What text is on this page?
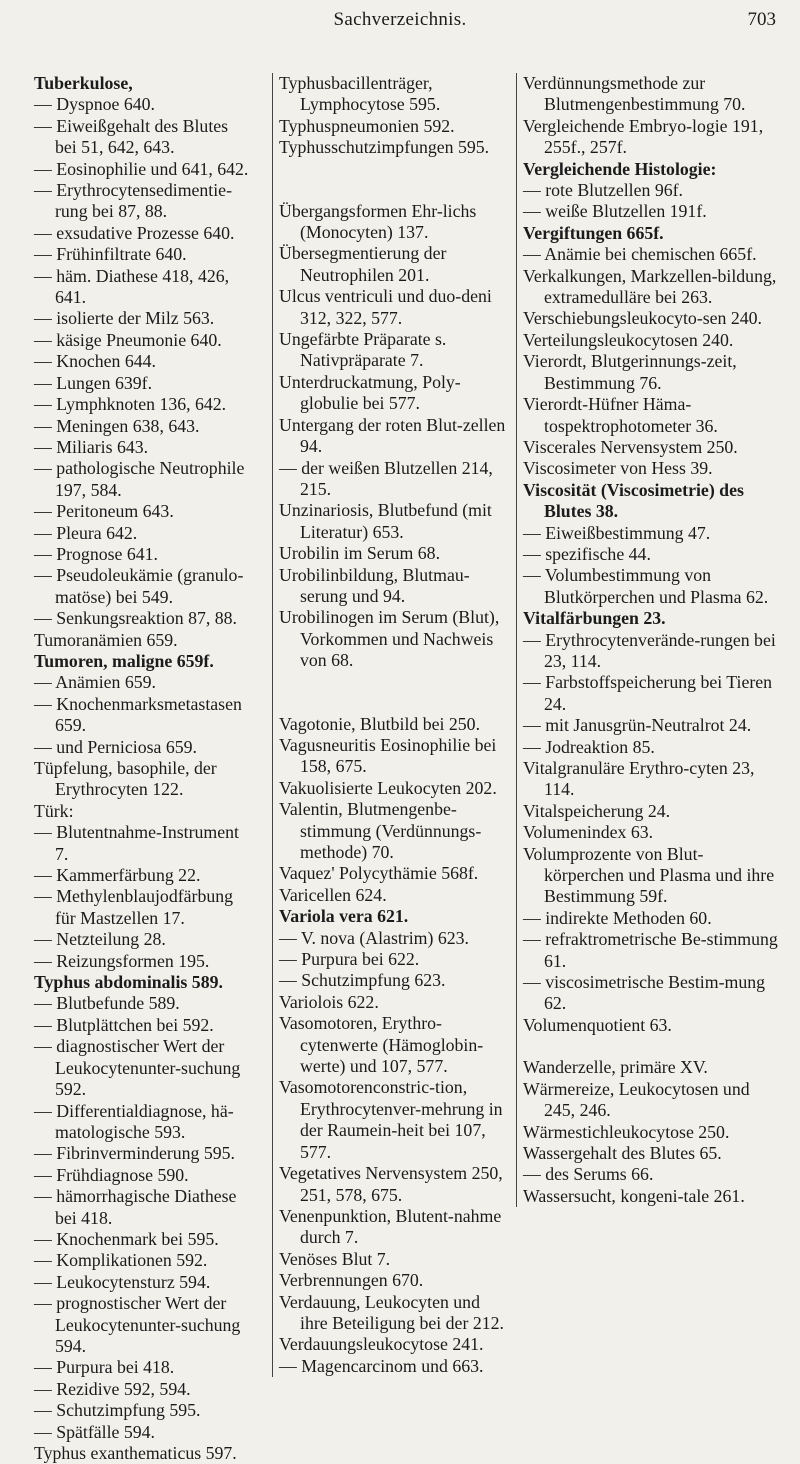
Sachverzeichnis.	703
Tuberkulose,
— Dyspnoe 640.
— Eiweißgehalt des Blutes bei 51, 642, 643.
— Eosinophilie und 641, 642.
— Erythrocytensedimentie-rung bei 87, 88.
— exsudative Prozesse 640.
— Frühinfiltrate 640.
— häm. Diathese 418, 426, 641.
— isolierte der Milz 563.
— käsige Pneumonie 640.
— Knochen 644.
— Lungen 639f.
— Lymphknoten 136, 642.
— Meningen 638, 643.
— Miliaris 643.
— pathologische Neutrophile 197, 584.
— Peritoneum 643.
— Pleura 642.
— Prognose 641.
— Pseudoleukämie (granulo-matöse) bei 549.
— Senkungsreaktion 87, 88.
Tumoranämien 659.
Tumoren, maligne 659f.
— Anämien 659.
— Knochenmarksmetastasen 659.
— und Perniciosa 659.
Tüpfelung, basophile, der Erythrocyten 122.
Türk:
— Blutentnahme-Instrument 7.
— Kammerfärbung 22.
— Methylenblaujodfärbung für Mastzellen 17.
— Netzteilung 28.
— Reizungsformen 195.
Typhus abdominalis 589.
— Blutbefunde 589.
— Blutplättchen bei 592.
— diagnostischer Wert der Leukocytenunter-suchung 592.
— Differentialdiagnose, hä-matologische 593.
— Fibrinverminderung 595.
— Frühdiagnose 590.
— hämorrhagische Diathese bei 418.
— Knochenmark bei 595.
— Komplikationen 592.
— Leukocytensturz 594.
— prognostischer Wert der Leukocytenunter-suchung 594.
— Purpura bei 418.
— Rezidive 592, 594.
— Schutzimpfung 595.
— Spätfälle 594.
Typhus exanthematicus 597.
Typhusbacillenträger, Lymphocytose 595.
Typhuspneumonien 592.
Typhusschutzimpfungen 595.
Übergangsformen Ehr-lichs (Monocyten) 137.
Übersegmentierung der Neutrophilen 201.
Ulcus ventriculi und duo-deni 312, 322, 577.
Ungefärbte Präparate s. Nativpräparate 7.
Unterdruckatmung, Poly-globulie bei 577.
Untergang der roten Blut-zellen 94.
— der weißen Blutzellen 214, 215.
Unzinariosis, Blutbefund (mit Literatur) 653.
Urobilin im Serum 68.
Urobilinbildung, Blutmau-serung und 94.
Urobilinogen im Serum (Blut), Vorkommen und Nachweis von 68.
Vagotonie, Blutbild bei 250.
Vagusneuritis Eosinophilie bei 158, 675.
Vakuolisierte Leukocyten 202.
Valentin, Blutmengenbe-stimmung (Verdünnungs-methode) 70.
Vaquez' Polycythämie 568f.
Varicellen 624.
Variola vera 621.
— V. nova (Alastrim) 623.
— Purpura bei 622.
— Schutzimpfung 623.
Variolois 622.
Vasomotoren, Erythro-cytenwerte (Hämoglobin-werte) und 107, 577.
Vasomotorenconstric-tion, Erythrocytenver-mehrung in der Raumein-heit bei 107, 577.
Vegetatives Nervensystem 250, 251, 578, 675.
Venenpunktion, Blutent-nahme durch 7.
Venöses Blut 7.
Verbrennungen 670.
Verdauung, Leukocyten und ihre Beteiligung bei der 212.
Verdauungsleukocytose 241.
— Magencarcinom und 663.
Verdünnungsmethode zur Blutmengenbestimmung 70.
Vergleichende Embryo-logie 191, 255f., 257f.
Vergleichende Histologie:
— rote Blutzellen 96f.
— weiße Blutzellen 191f.
Vergiftungen 665f.
— Anämie bei chemischen 665f.
Verkalkungen, Markzellen-bildung, extramedulläre bei 263.
Verschiebungsleukocyto-sen 240.
Verteilungsleukocytosen 240.
Vierordt, Blutgerinnungs-zeit, Bestimmung 76.
Vierordt-Hüfner Häma-tospektrophotometer 36.
Viscerales Nervensystem 250.
Viscosimeter von Hess 39.
Viscosität (Viscosimetrie) des Blutes 38.
— Eiweißbestimmung 47.
— spezifische 44.
— Volumbestimmung von Blutkörperchen und Plasma 62.
Vitalfärbungen 23.
— Erythrocytenverände-rungen bei 23, 114.
— Farbstoffspeicherung bei Tieren 24.
— mit Janusgrün-Neutralrot 24.
— Jodreaktion 85.
Vitalgranuläre Erythro-cyten 23, 114.
Vitalspeicherung 24.
Volumenindex 63.
Volumprozente von Blut-körperchen und Plasma und ihre Bestimmung 59f.
— indirekte Methoden 60.
— refraktrometrische Be-stimmung 61.
— viscosimetrische Bestim-mung 62.
Volumenquotient 63.
Wanderzelle, primäre XV.
Wärmereize, Leukocytosen und 245, 246.
Wärmestichleukocytose 250.
Wassergehalt des Blutes 65.
— des Serums 66.
Wassersucht, kongeni-tale 261.
